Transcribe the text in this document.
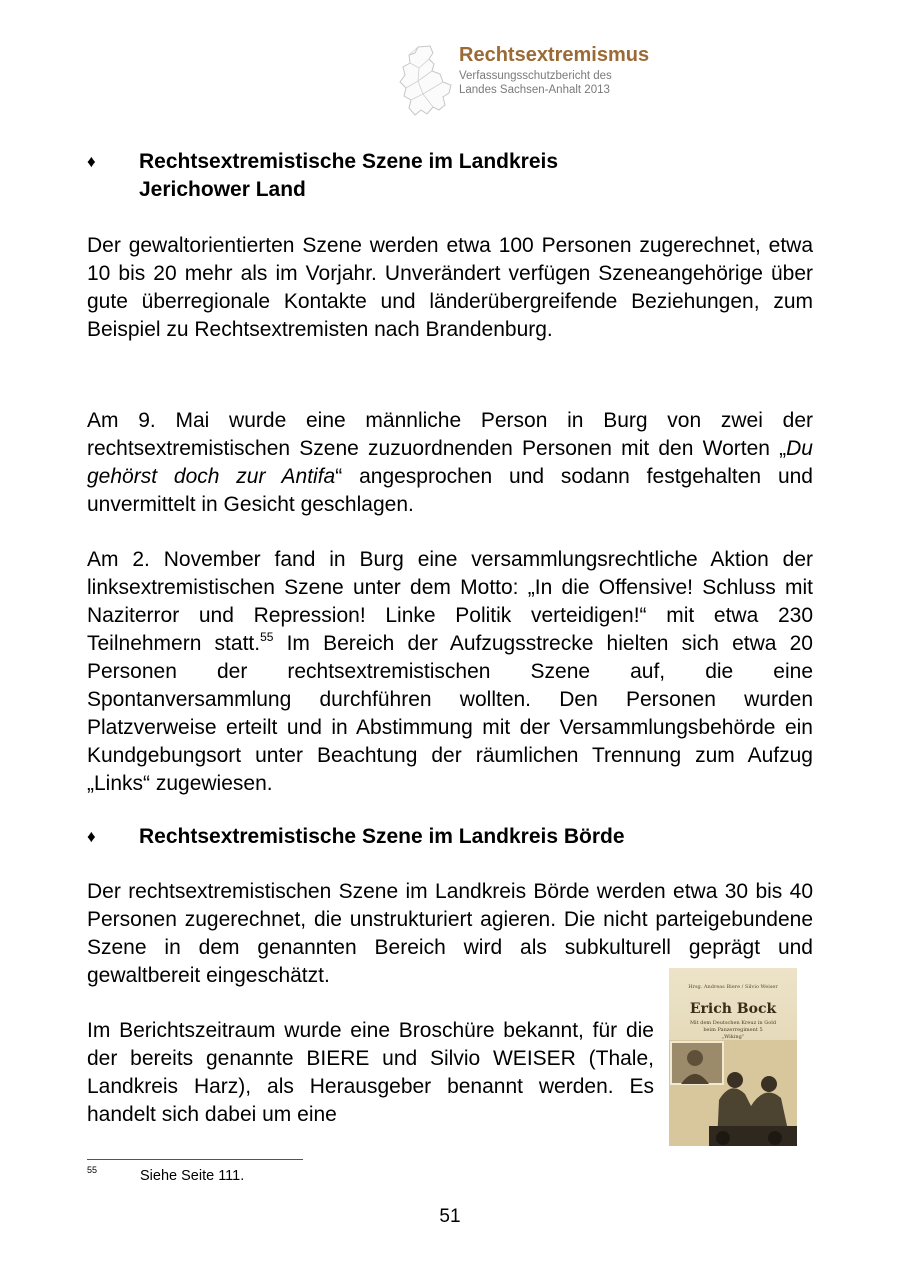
Rechtsextremismus
Verfassungsschutzbericht des
Landes Sachsen-Anhalt 2013
♦ Rechtsextremistische Szene im Landkreis
Jerichower Land

Der gewaltorientierten Szene werden etwa 100 Personen zugerechnet, etwa 10 bis 20 mehr als im Vorjahr. Unverändert verfügen Szeneangehörige über gute überregionale Kontakte und länderübergreifende Beziehungen, zum Beispiel zu Rechtsextremisten nach Brandenburg.

Am 9. Mai wurde eine männliche Person in Burg von zwei der rechtsextremistischen Szene zuzuordnenden Personen mit den Worten „Du gehörst doch zur Antifa“ angesprochen und sodann festgehalten und unvermittelt in Gesicht geschlagen.

Am 2. November fand in Burg eine versammlungsrechtliche Aktion der linksextremistischen Szene unter dem Motto: „In die Offensive! Schluss mit Naziterror und Repression! Linke Politik verteidigen!“ mit etwa 230 Teilnehmern statt.$^{55}$ Im Bereich der Aufzugsstrecke hielten sich etwa 20 Personen der rechtsextremistischen Szene auf, die eine Spontanversammlung durchführen wollten. Den Personen wurden Platzverweise erteilt und in Abstimmung mit der Versammlungsbehörde ein Kundgebungsort unter Beachtung der räumlichen Trennung zum Aufzug „Links“ zugewiesen.

♦ Rechtsextremistische Szene im Landkreis Börde

Der rechtsextremistischen Szene im Landkreis Börde werden etwa 30 bis 40 Personen zugerechnet, die unstrukturiert agieren. Die nicht parteigebundene Szene in dem genannten Bereich wird als subkulturell geprägt und gewaltbereit eingeschätzt.

Im Berichtszeitraum wurde eine Broschüre bekannt, für die der bereits genannte BIERE und Silvio WEISER (Thale, Landkreis Harz), als Herausgeber benannt werden. Es handelt sich dabei um eine

Hrsg. Andreas Biere / Silvio Weiser
Erich Bock
Mit dem Deutschen Kreuz in Gold
beim Panzerregiment 5
„Wiking“
55	Siehe Seite 111.
51
